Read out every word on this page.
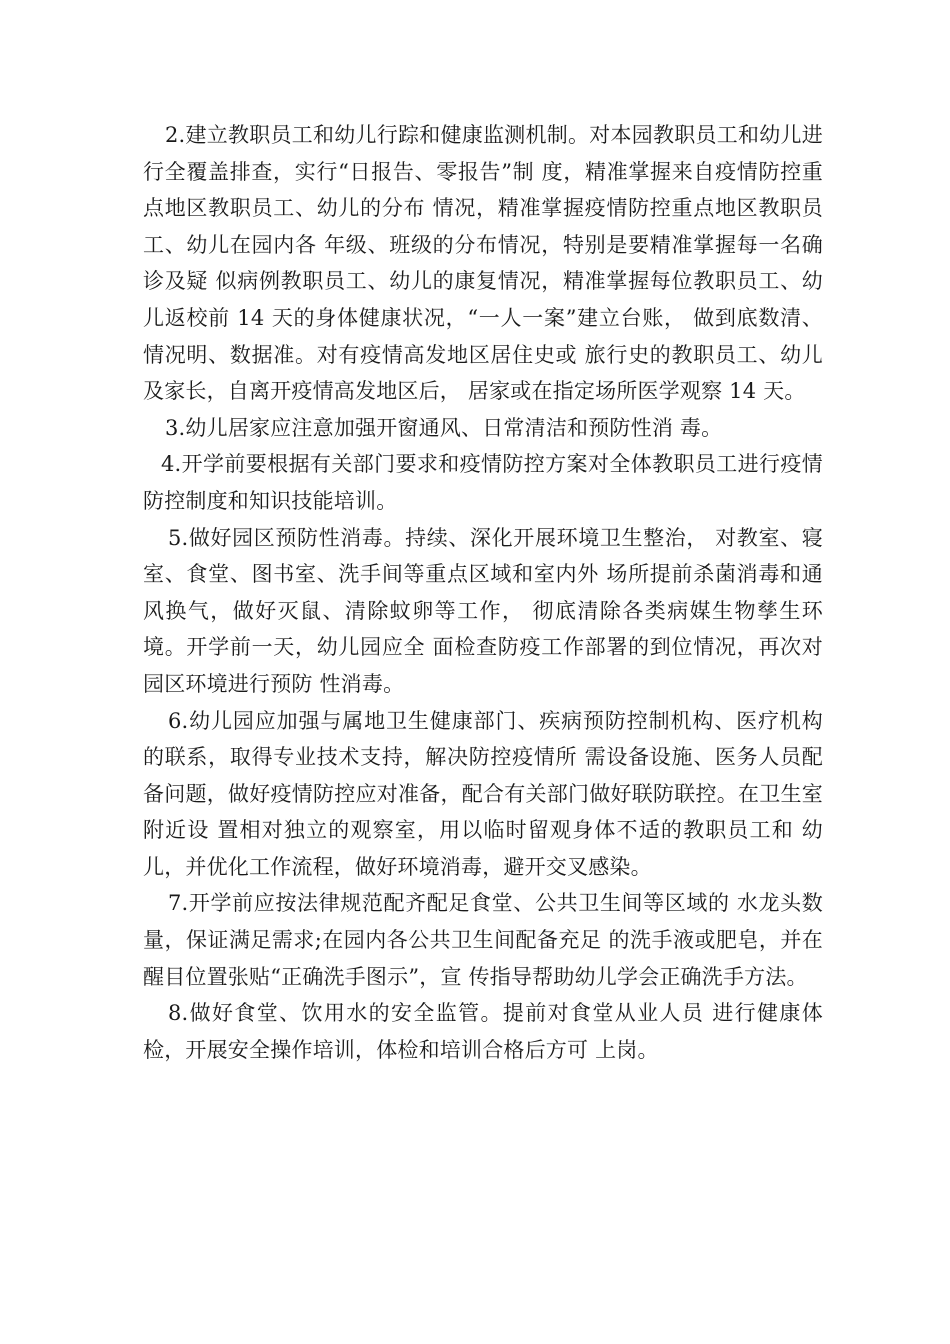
2.建立教职员工和幼儿行踪和健康监测机制。对本园教职员工和幼儿进行全覆盖排查，实行“日报告、零报告”制 度，精准掌握来自疫情防控重点地区教职员工、幼儿的分布 情况，精准掌握疫情防控重点地区教职员工、幼儿在园内各 年级、班级的分布情况，特别是要精准掌握每一名确诊及疑 似病例教职员工、幼儿的康复情况，精准掌握每位教职员工、幼儿返校前 14 天的身体健康状况，“一人一案”建立台账， 做到底数清、情况明、数据准。对有疫情高发地区居住史或 旅行史的教职员工、幼儿及家长，自离开疫情高发地区后， 居家或在指定场所医学观察 14 天。

3.幼儿居家应注意加强开窗通风、日常清洁和预防性消 毒。

4.开学前要根据有关部门要求和疫情防控方案对全体教职员工进行疫情防控制度和知识技能培训。

5.做好园区预防性消毒。持续、深化开展环境卫生整治， 对教室、寝室、食堂、图书室、洗手间等重点区域和室内外 场所提前杀菌消毒和通风换气，做好灭鼠、清除蚊卵等工作， 彻底清除各类病媒生物孳生环境。开学前一天，幼儿园应全 面检查防疫工作部署的到位情况，再次对园区环境进行预防 性消毒。

6.幼儿园应加强与属地卫生健康部门、疾病预防控制机构、医疗机构的联系，取得专业技术支持，解决防控疫情所 需设备设施、医务人员配备问题，做好疫情防控应对准备，配合有关部门做好联防联控。在卫生室附近设 置相对独立的观察室，用以临时留观身体不适的教职员工和 幼儿，并优化工作流程，做好环境消毒，避开交叉感染。

7.开学前应按法律规范配齐配足食堂、公共卫生间等区域的 水龙头数量，保证满足需求;在园内各公共卫生间配备充足 的洗手液或肥皂，并在醒目位置张贴“正确洗手图示”，宣 传指导帮助幼儿学会正确洗手方法。

8.做好食堂、饮用水的安全监管。提前对食堂从业人员 进行健康体检，开展安全操作培训，体检和培训合格后方可 上岗。
